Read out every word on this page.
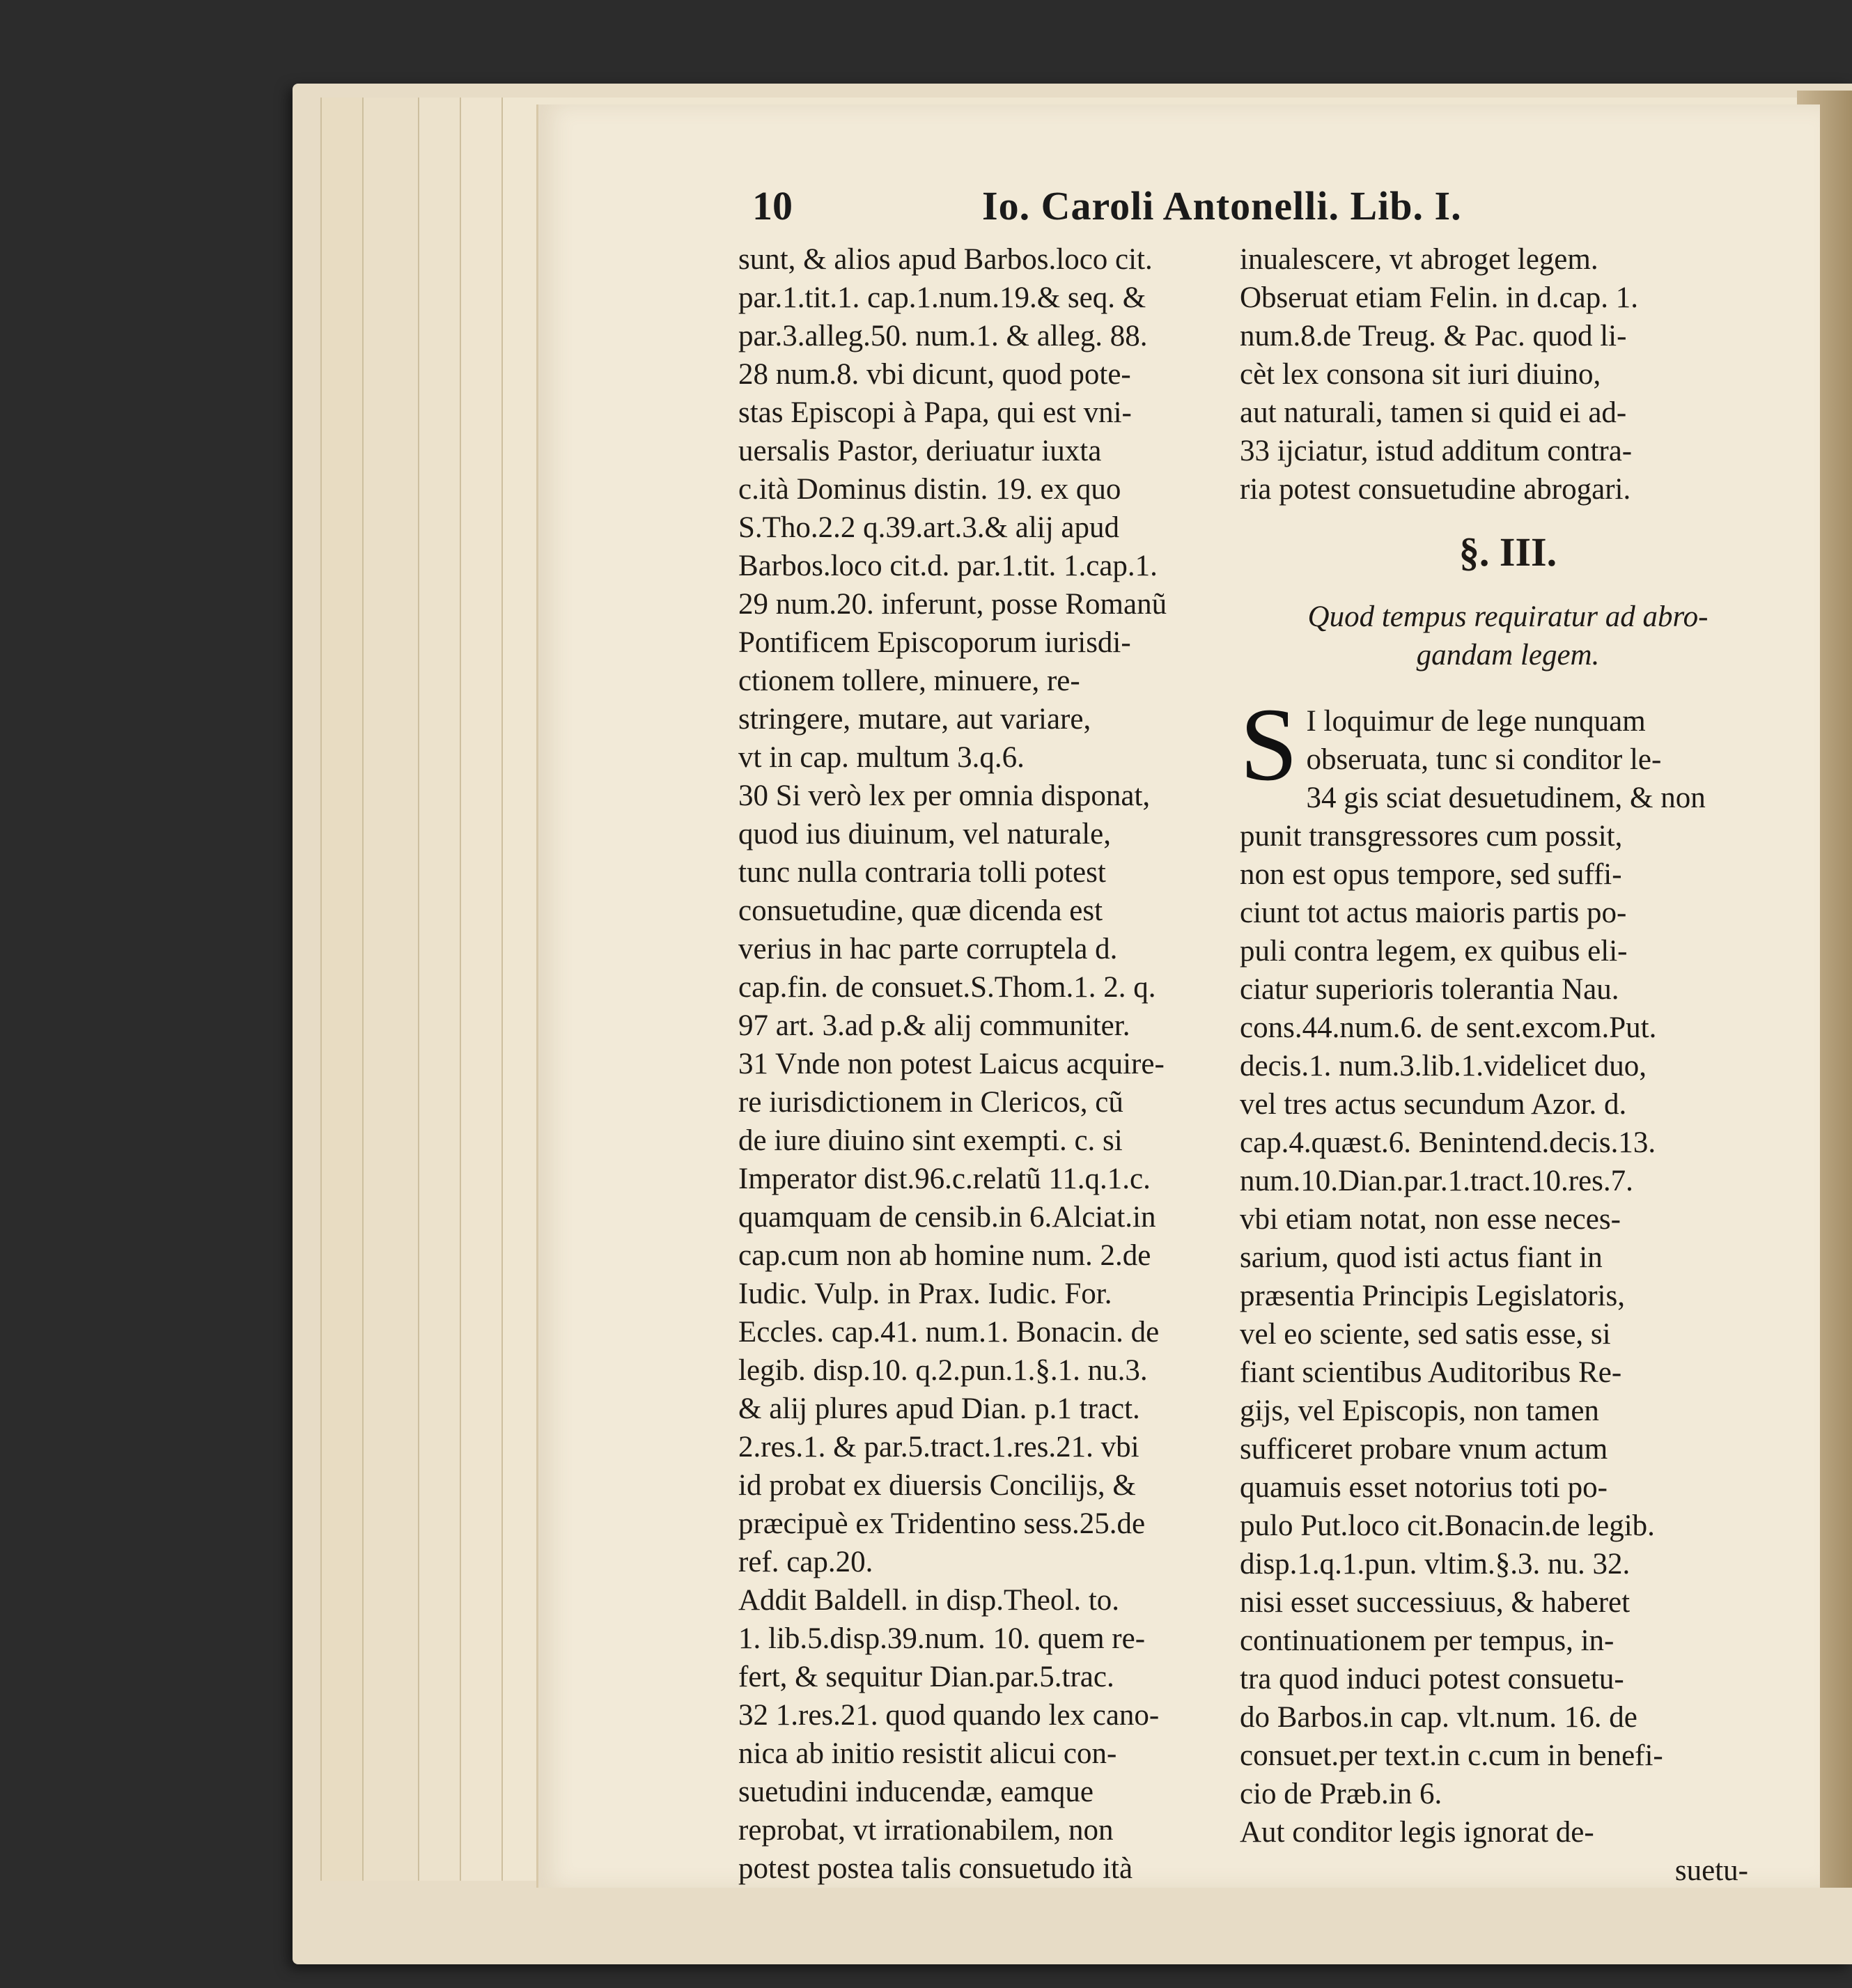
10	Io. Caroli Antonelli. Lib. I.
sunt, & alios apud Barbos.loco cit.
par.1.tit.1. cap.1.num.19.& seq. &
par.3.alleg.50. num.1. & alleg. 88.
28 num.8. vbi dicunt, quod pote-
stas Episcopi à Papa, qui est vni-
uersalis Pastor, deriuatur iuxta
c.ità Dominus distin. 19. ex quo
S.Tho.2.2 q.39.art.3.& alij apud
Barbos.loco cit.d. par.1.tit. 1.cap.1.
29 num.20. inferunt, posse Romanũ
Pontificem Episcoporum iurisdi-
ctionem tollere, minuere, re-
stringere, mutare, aut variare,
vt in cap. multum 3.q.6.
30 Si verò lex per omnia disponat,
quod ius diuinum, vel naturale,
tunc nulla contraria tolli potest
consuetudine, quæ dicenda est
verius in hac parte corruptela d.
cap.fin. de consuet.S.Thom.1. 2. q.
97 art. 3.ad p.& alij communiter.
31 Vnde non potest Laicus acquire-
re iurisdictionem in Clericos, cũ
de iure diuino sint exempti. c. si
Imperator dist.96.c.relatũ 11.q.1.c.
quamquam de censib.in 6.Alciat.in
cap.cum non ab homine num. 2.de
Iudic. Vulp. in Prax. Iudic. For.
Eccles. cap.41. num.1. Bonacin. de
legib. disp.10. q.2.pun.1.§.1. nu.3.
& alij plures apud Dian. p.1 tract.
2.res.1. & par.5.tract.1.res.21. vbi
id probat ex diuersis Concilijs, &
præcipuè ex Tridentino sess.25.de
ref. cap.20.
Addit Baldell. in disp.Theol. to.
1. lib.5.disp.39.num. 10. quem re-
fert, & sequitur Dian.par.5.trac.
32 1.res.21. quod quando lex cano-
nica ab initio resistit alicui con-
suetudini inducendæ, eamque
reprobat, vt irrationabilem, non
potest postea talis consuetudo ità
inualescere, vt abroget legem.
Obseruat etiam Felin. in d.cap. 1.
num.8.de Treug. & Pac. quod li-
cèt lex consona sit iuri diuino,
aut naturali, tamen si quid ei ad-
33 ijciatur, istud additum contra-
ria potest consuetudine abrogari.
§. III.
Quod tempus requiratur ad abro-
gandam legem.
S I loquimur de lege nunquam
obseruata, tunc si conditor le-
34 gis sciat desuetudinem, & non
punit transgressores cum possit,
non est opus tempore, sed suffi-
ciunt tot actus maioris partis po-
puli contra legem, ex quibus eli-
ciatur superioris tolerantia Nau.
cons.44.num.6. de sent.excom.Put.
decis.1. num.3.lib.1.videlicet duo,
vel tres actus secundum Azor. d.
cap.4.quæst.6. Benintend.decis.13.
num.10.Dian.par.1.tract.10.res.7.
vbi etiam notat, non esse neces-
sarium, quod isti actus fiant in
præsentia Principis Legislatoris,
vel eo sciente, sed satis esse, si
fiant scientibus Auditoribus Re-
gijs, vel Episcopis, non tamen
sufficeret probare vnum actum
quamuis esset notorius toti po-
pulo Put.loco cit.Bonacin.de legib.
disp.1.q.1.pun. vltim.§.3. nu. 32.
nisi esset successiuus, & haberet
continuationem per tempus, in-
tra quod induci potest consuetu-
do Barbos.in cap. vlt.num. 16. de
consuet.per text.in c.cum in benefi-
cio de Præb.in 6.
Aut conditor legis ignorat de-
suetu-
